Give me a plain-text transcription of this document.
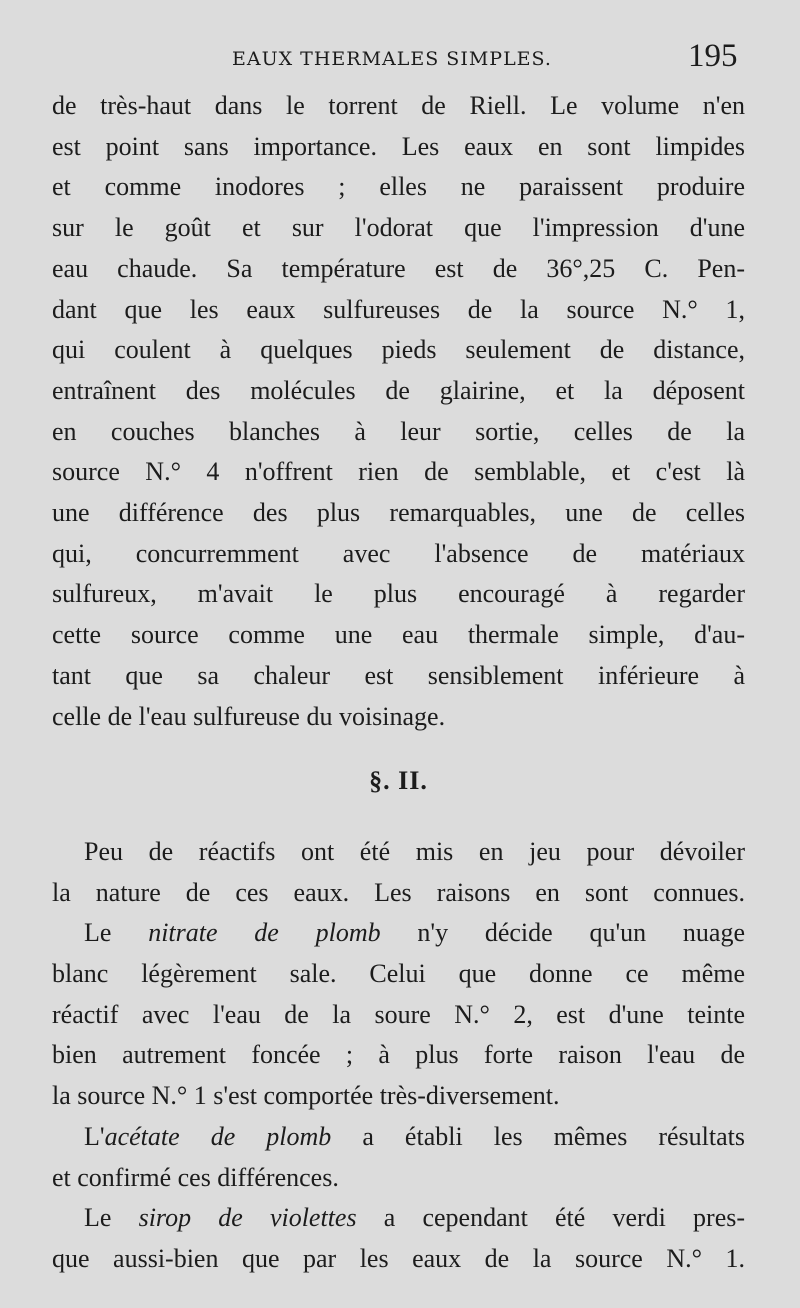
EAUX THERMALES SIMPLES.	195
de très-haut dans le torrent de Riell. Le volume n'en
est point sans importance. Les eaux en sont limpides
et comme inodores ; elles ne paraissent produire
sur le goût et sur l'odorat que l'impression d'une
eau chaude. Sa température est de 36°,25 C. Pen-
dant que les eaux sulfureuses de la source N.° 1,
qui coulent à quelques pieds seulement de distance,
entraînent des molécules de glairine, et la déposent
en couches blanches à leur sortie, celles de la
source N.° 4 n'offrent rien de semblable, et c'est là
une différence des plus remarquables, une de celles
qui, concurremment avec l'absence de matériaux
sulfureux, m'avait le plus encouragé à regarder
cette source comme une eau thermale simple, d'au-
tant que sa chaleur est sensiblement inférieure à
celle de l'eau sulfureuse du voisinage.
§. II.
Peu de réactifs ont été mis en jeu pour dévoiler
la nature de ces eaux. Les raisons en sont connues.
Le nitrate de plomb n'y décide qu'un nuage
blanc légèrement sale. Celui que donne ce même
réactif avec l'eau de la soure N.° 2, est d'une teinte
bien autrement foncée ; à plus forte raison l'eau de
la source N.° 1 s'est comportée très-diversement.
L'acétate de plomb a établi les mêmes résultats
et confirmé ces différences.
Le sirop de violettes a cependant été verdi pres-
que aussi-bien que par les eaux de la source N.° 1.
